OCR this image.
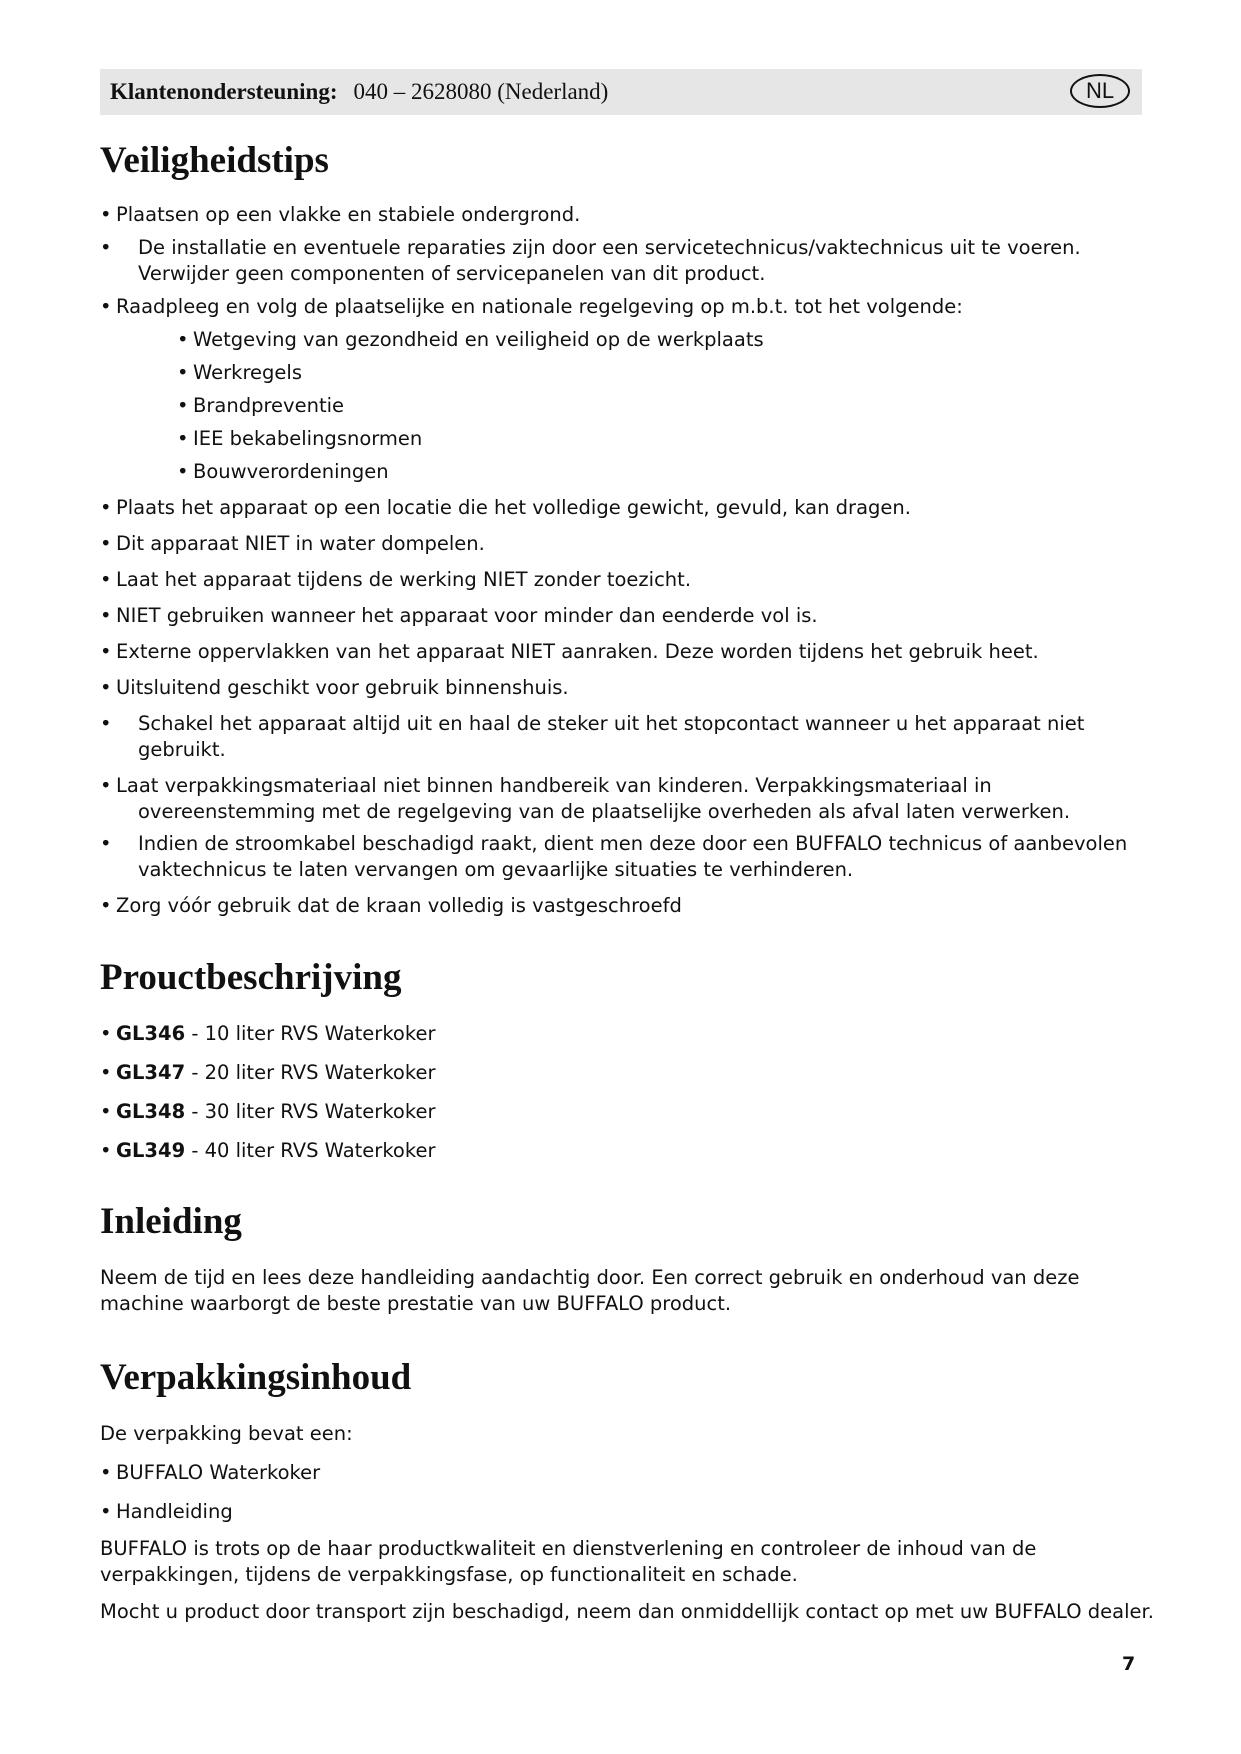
Klantenondersteuning: 040 – 2628080 (Nederland)	NL
Veiligheidstips
• Plaatsen op een vlakke en stabiele ondergrond.
• De installatie en eventuele reparaties zijn door een servicetechnicus/vaktechnicus uit te voeren.
Verwijder geen componenten of servicepanelen van dit product.
• Raadpleeg en volg de plaatselijke en nationale regelgeving op m.b.t. tot het volgende:
• Wetgeving van gezondheid en veiligheid op de werkplaats
• Werkregels
• Brandpreventie
• IEE bekabelingsnormen
• Bouwverordeningen
• Plaats het apparaat op een locatie die het volledige gewicht, gevuld, kan dragen.
• Dit apparaat NIET in water dompelen.
• Laat het apparaat tijdens de werking NIET zonder toezicht.
• NIET gebruiken wanneer het apparaat voor minder dan eenderde vol is.
• Externe oppervlakken van het apparaat NIET aanraken. Deze worden tijdens het gebruik heet.
• Uitsluitend geschikt voor gebruik binnenshuis.
• Schakel het apparaat altijd uit en haal de steker uit het stopcontact wanneer u het apparaat niet
gebruikt.
• Laat verpakkingsmateriaal niet binnen handbereik van kinderen. Verpakkingsmateriaal in
overeenstemming met de regelgeving van de plaatselijke overheden als afval laten verwerken.
• Indien de stroomkabel beschadigd raakt, dient men deze door een BUFFALO technicus of aanbevolen
vaktechnicus te laten vervangen om gevaarlijke situaties te verhinderen.
• Zorg vóór gebruik dat de kraan volledig is vastgeschroefd
Prouctbeschrijving
• GL346 - 10 liter RVS Waterkoker
• GL347 - 20 liter RVS Waterkoker
• GL348 - 30 liter RVS Waterkoker
• GL349 - 40 liter RVS Waterkoker
Inleiding
Neem de tijd en lees deze handleiding aandachtig door. Een correct gebruik en onderhoud van deze
machine waarborgt de beste prestatie van uw BUFFALO product.
Verpakkingsinhoud
De verpakking bevat een:
• BUFFALO Waterkoker
• Handleiding
BUFFALO is trots op de haar productkwaliteit en dienstverlening en controleer de inhoud van de
verpakkingen, tijdens de verpakkingsfase, op functionaliteit en schade.
Mocht u product door transport zijn beschadigd, neem dan onmiddellijk contact op met uw BUFFALO dealer.
7
